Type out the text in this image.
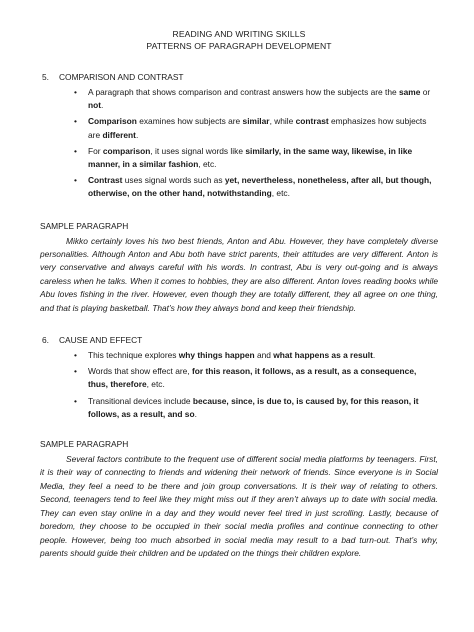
READING AND WRITING SKILLS
PATTERNS OF PARAGRAPH DEVELOPMENT
5. COMPARISON AND CONTRAST
• A paragraph that shows comparison and contrast answers how the subjects are the same or not.
• Comparison examines how subjects are similar, while contrast emphasizes how subjects are different.
• For comparison, it uses signal words like similarly, in the same way, likewise, in like manner, in a similar fashion, etc.
• Contrast uses signal words such as yet, nevertheless, nonetheless, after all, but though, otherwise, on the other hand, notwithstanding, etc.
SAMPLE PARAGRAPH

Mikko certainly loves his two best friends, Anton and Abu. However, they have completely diverse personalities. Although Anton and Abu both have strict parents, their attitudes are very different. Anton is very conservative and always careful with his words. In contrast, Abu is very out-going and is always careless when he talks. When it comes to hobbies, they are also different. Anton loves reading books while Abu loves fishing in the river. However, even though they are totally different, they all agree on one thing, and that is playing basketball. That’s how they always bond and keep their friendship.

6. CAUSE AND EFFECT
• This technique explores why things happen and what happens as a result.
• Words that show effect are, for this reason, it follows, as a result, as a consequence, thus, therefore, etc.
• Transitional devices include because, since, is due to, is caused by, for this reason, it follows, as a result, and so.
SAMPLE PARAGRAPH

Several factors contribute to the frequent use of different social media platforms by teenagers. First, it is their way of connecting to friends and widening their network of friends. Since everyone is in Social Media, they feel a need to be there and join group conversations. It is their way of relating to others. Second, teenagers tend to feel like they might miss out if they aren’t always up to date with social media. They can even stay online in a day and they would never feel tired in just scrolling. Lastly, because of boredom, they choose to be occupied in their social media profiles and continue connecting to other people. However, being too much absorbed in social media may result to a bad turn-out. That’s why, parents should guide their children and be updated on the things their children explore.
